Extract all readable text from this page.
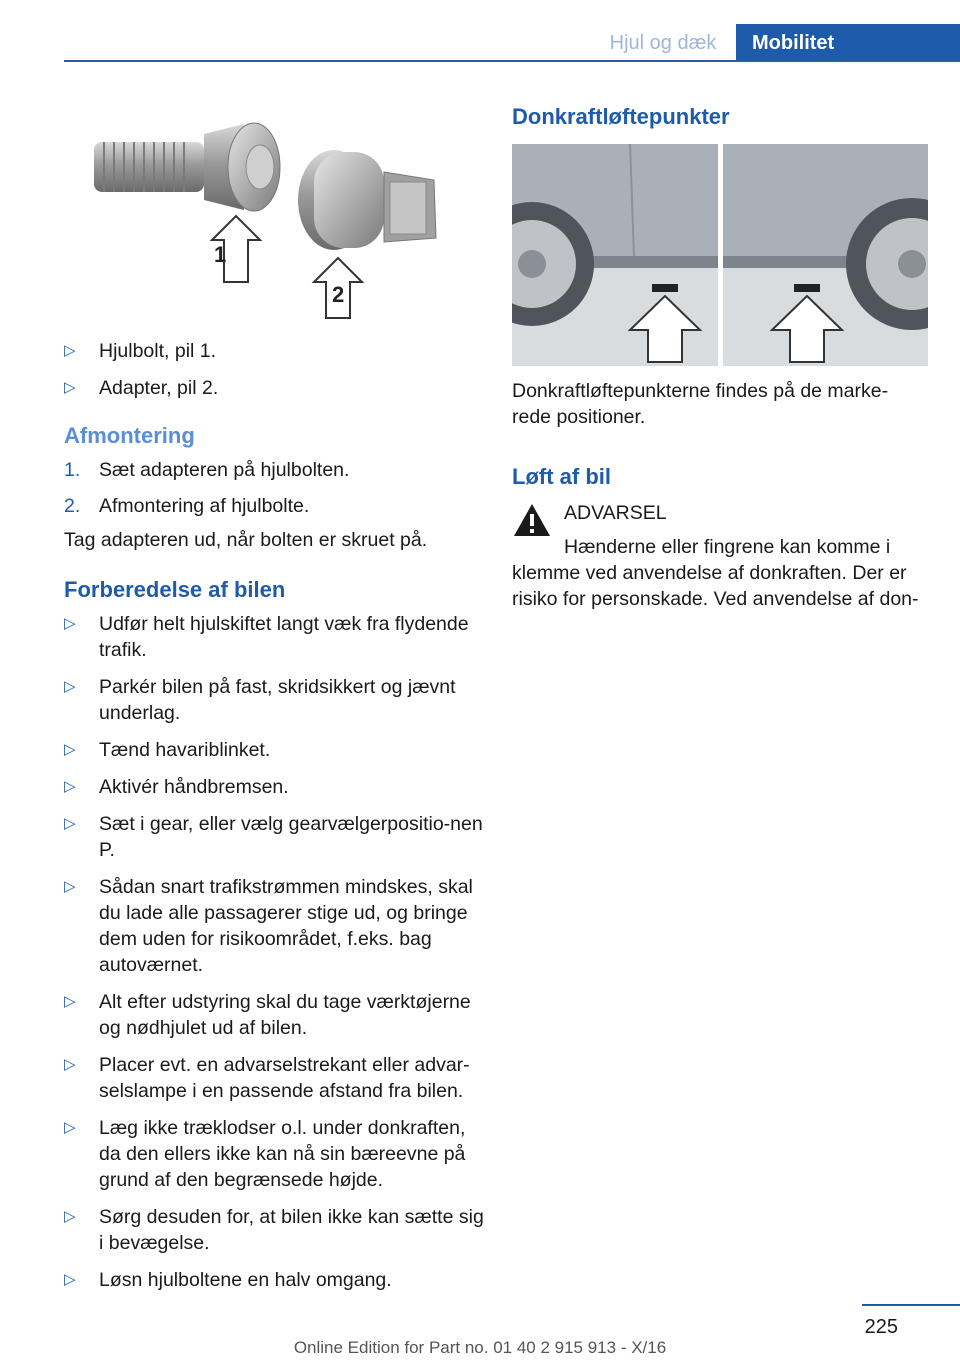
Hjul og dæk	Mobilitet
1
2
▷ Hjulbolt, pil 1.
▷ Adapter, pil 2.
Afmontering
1. Sæt adapteren på hjulbolten.
2. Afmontering af hjulbolte.

Tag adapteren ud, når bolten er skruet på.

Forberedelse af bilen
▷ Udfør helt hjulskiftet langt væk fra flydende trafik.
▷ Parkér bilen på fast, skridsikkert og jævnt underlag.
▷ Tænd havariblinket.
▷ Aktivér håndbremsen.
▷ Sæt i gear, eller vælg gearvælgerpositio-nen P.
▷ Sådan snart trafikstrømmen mindskes, skal du lade alle passagerer stige ud, og bringe dem uden for risikoområdet, f.eks. bag autoværnet.
▷ Alt efter udstyring skal du tage værktøjerne og nødhjulet ud af bilen.
▷ Placer evt. en advarselstrekant eller advar-selslampe i en passende afstand fra bilen.
▷ Læg ikke træklodser o.l. under donkraften, da den ellers ikke kan nå sin bæreevne på grund af den begrænsede højde.
▷ Sørg desuden for, at bilen ikke kan sætte sig i bevægelse.
▷ Løsn hjulboltene en halv omgang.
Donkraftløftepunkter

Donkraftløftepunkterne findes på de marke-rede positioner.

Løft af bil
ADVARSEL

Hænderne eller fingrene kan komme i klemme ved anvendelse af donkraften. Der er risiko for personskade. Ved anvendelse af don-

225
Online Edition for Part no. 01 40 2 915 913 - X/16
